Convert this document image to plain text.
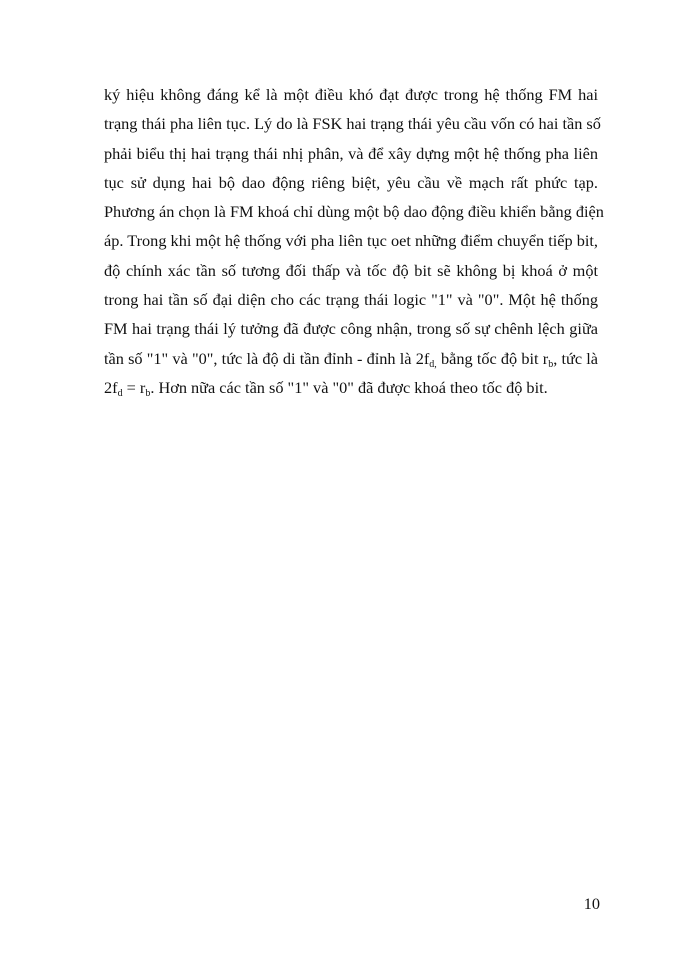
ký hiệu không đáng kể là một điều khó đạt được trong hệ thống FM hai
trạng thái pha liên tục. Lý do là FSK hai trạng thái yêu cầu vốn có hai tần số
phải biểu thị hai trạng thái nhị phân, và để xây dựng một hệ thống pha liên
tục sử dụng hai bộ dao động riêng biệt, yêu cầu về mạch rất phức tạp.
Phương án chọn là FM khoá chỉ dùng một bộ dao động điều khiển bằng điện
áp. Trong khi một hệ thống với pha liên tục oet những điểm chuyển tiếp bit,
độ chính xác tần số tương đối thấp và tốc độ bit sẽ không bị khoá ở một
trong hai tần số đại diện cho các trạng thái logic "1" và "0". Một hệ thống
FM hai trạng thái lý tưởng đã được công nhận, trong số sự chênh lệch giữa
tần số "1" và "0", tức là độ di tần đỉnh - đỉnh là $2f_{d,}$ bằng tốc độ bit $r_b$, tức là
$2f_d = r_b$. Hơn nữa các tần số "1" và "0" đã được khoá theo tốc độ bit.
10
